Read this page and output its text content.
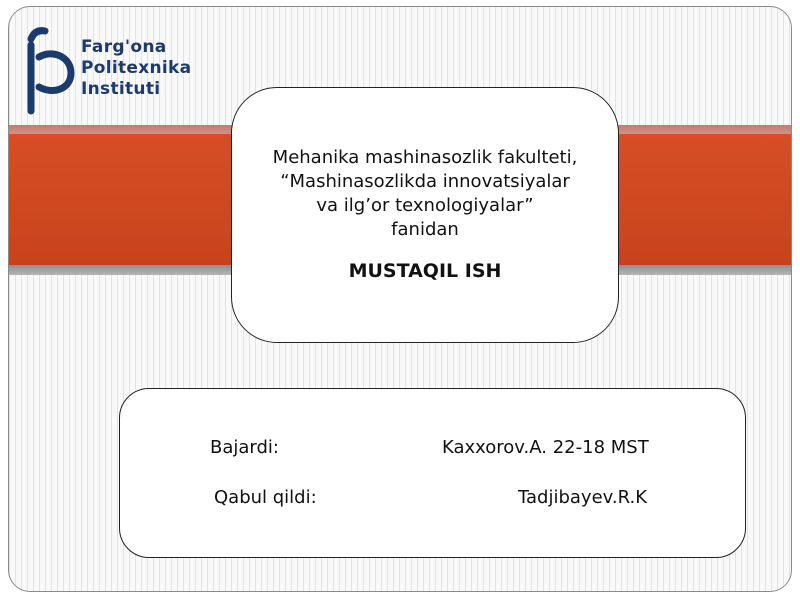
Farg'ona
Politexnika
Instituti
Mehanika mashinasozlik fakulteti,
“Mashinasozlikda innovatsiyalar
va ilg’or texnologiyalar”
fanidan
MUSTAQIL ISH
Bajardi:	Kaxxorov.A. 22-18 MST
Qabul qildi:	Tadjibayev.R.K
